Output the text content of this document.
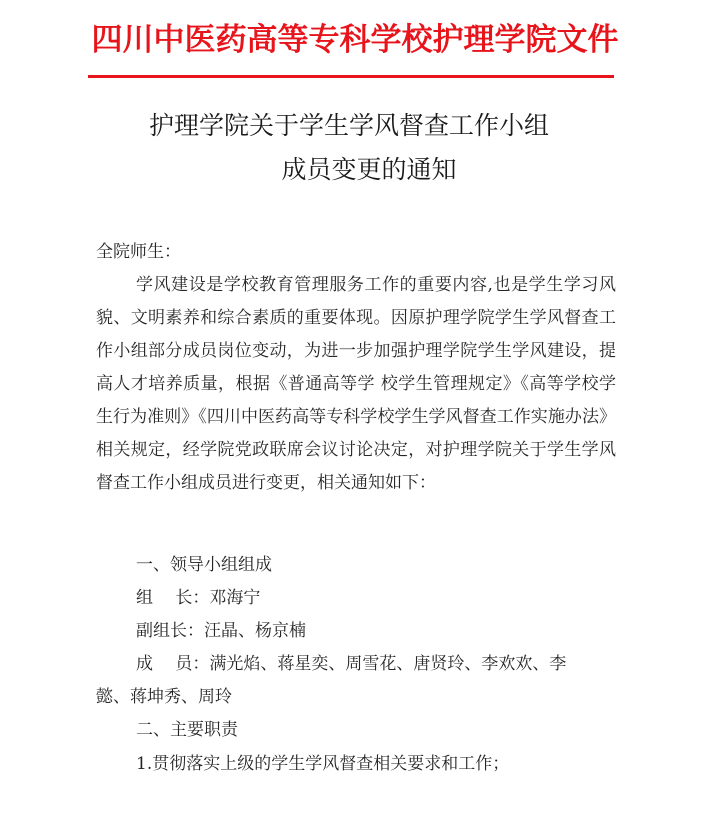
四川中医药高等专科学校护理学院文件
护理学院关于学生学风督查工作小组
成员变更的通知
全院师生：
学风建设是学校教育管理服务工作的重要内容,也是学生学习风貌、文明素养和综合素质的重要体现。因原护理学院学生学风督查工作小组部分成员岗位变动，为进一步加强护理学院学生学风建设，提高人才培养质量，根据《普通高等学 校学生管理规定》《高等学校学生行为准则》《四川中医药高等专科学校学生学风督查工作实施办法》相关规定，经学院党政联席会议讨论决定，对护理学院关于学生学风督查工作小组成员进行变更，相关通知如下：
一、领导小组组成
组　 长：邓海宁
副组长：汪晶、杨京楠
成　 员：满光焰、蒋星奕、周雪花、唐贤玲、李欢欢、李
懿、蒋坤秀、周玲
二、主要职责
1.贯彻落实上级的学生学风督查相关要求和工作；
